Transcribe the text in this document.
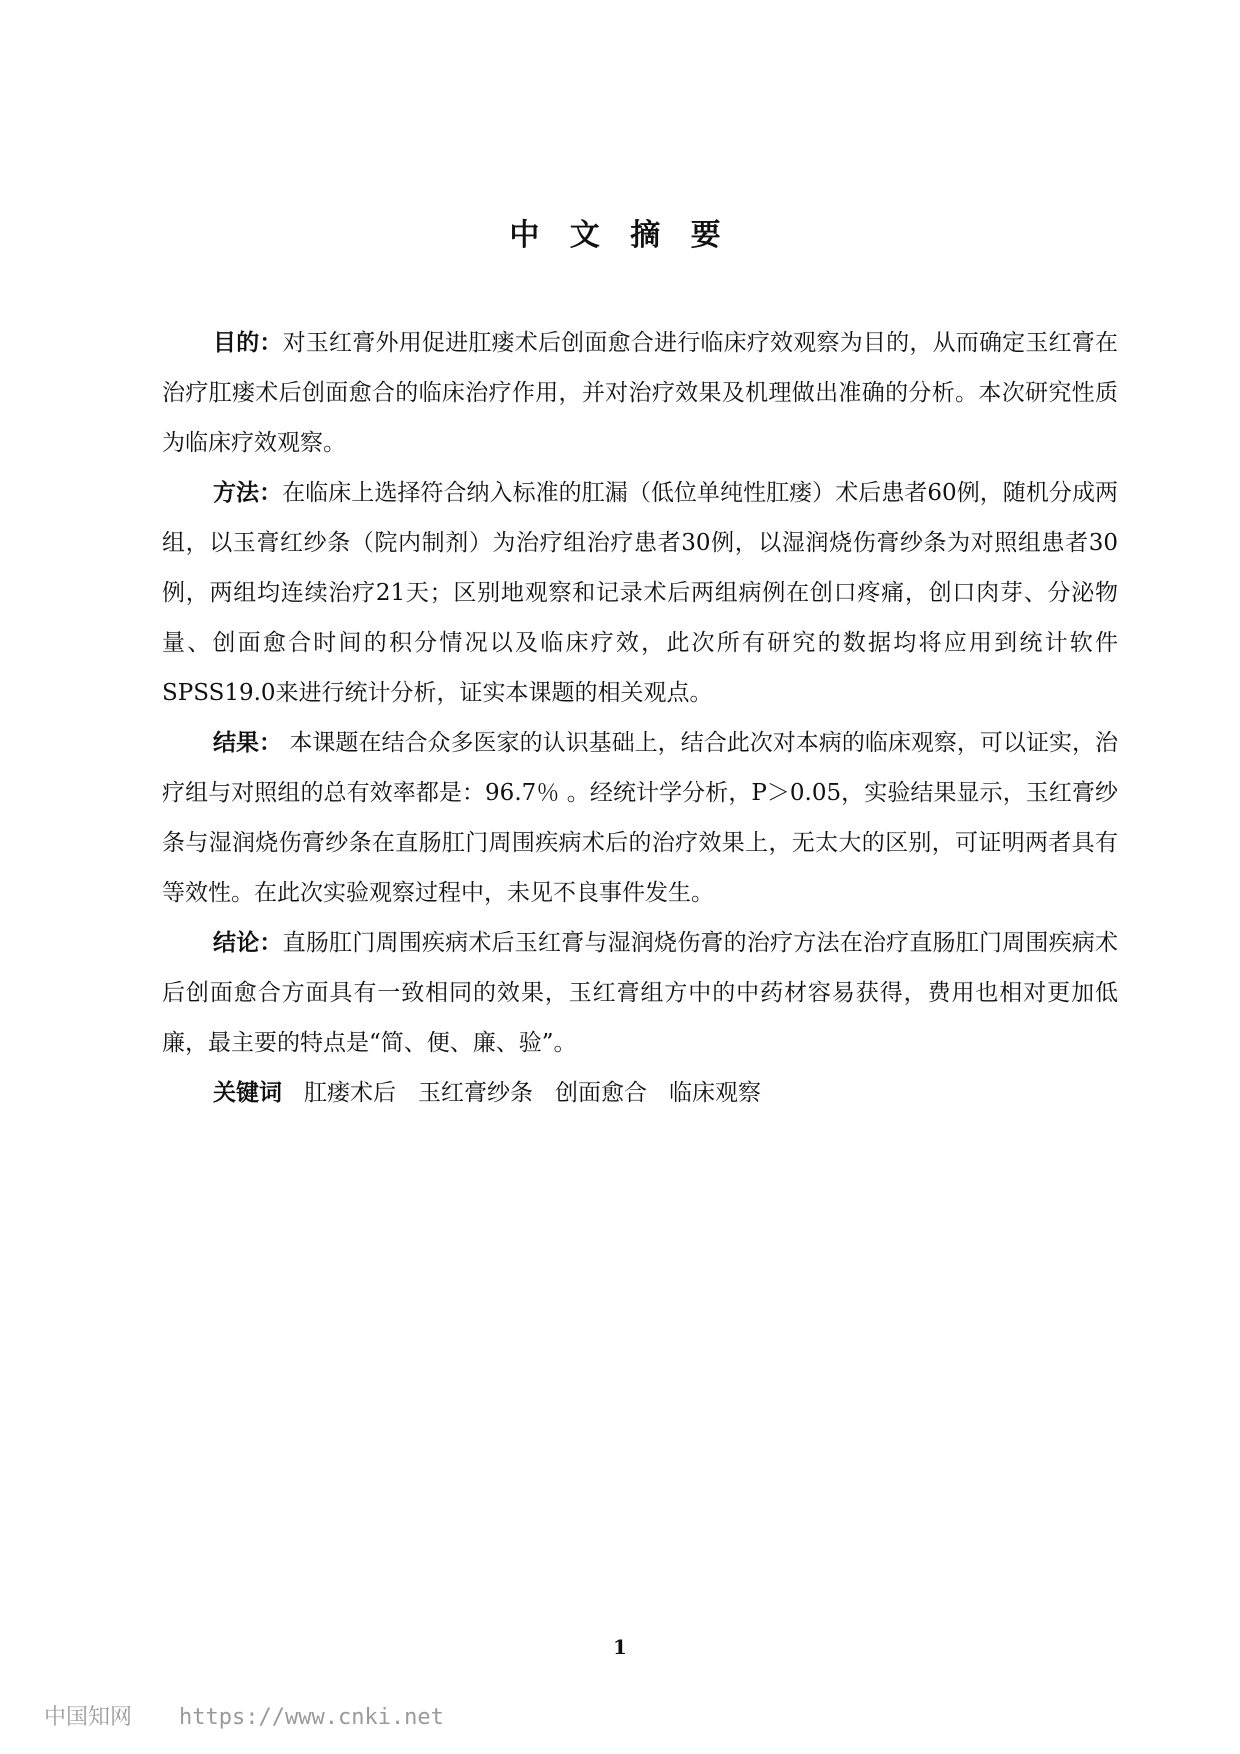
中 文 摘 要

目的：对玉红膏外用促进肛瘘术后创面愈合进行临床疗效观察为目的，从而确定玉红膏在治疗肛瘘术后创面愈合的临床治疗作用，并对治疗效果及机理做出准确的分析。本次研究性质为临床疗效观察。

方法：在临床上选择符合纳入标准的肛漏（低位单纯性肛瘘）术后患者60例，随机分成两组，以玉膏红纱条（院内制剂）为治疗组治疗患者30例，以湿润烧伤膏纱条为对照组患者30例，两组均连续治疗21天；区别地观察和记录术后两组病例在创口疼痛，创口肉芽、分泌物量、创面愈合时间的积分情况以及临床疗效，此次所有研究的数据均将应用到统计软件SPSS19.0来进行统计分析，证实本课题的相关观点。

结果： 本课题在结合众多医家的认识基础上，结合此次对本病的临床观察，可以证实，治疗组与对照组的总有效率都是：96.7％ 。经统计学分析，P＞0.05，实验结果显示，玉红膏纱条与湿润烧伤膏纱条在直肠肛门周围疾病术后的治疗效果上，无太大的区别，可证明两者具有等效性。在此次实验观察过程中，未见不良事件发生。

结论：直肠肛门周围疾病术后玉红膏与湿润烧伤膏的治疗方法在治疗直肠肛门周围疾病术后创面愈合方面具有一致相同的效果，玉红膏组方中的中药材容易获得，费用也相对更加低廉，最主要的特点是“简、便、廉、验”。

关键词 肛瘘术后 玉红膏纱条 创面愈合 临床观察

1
中国知网 https://www.cnki.net
